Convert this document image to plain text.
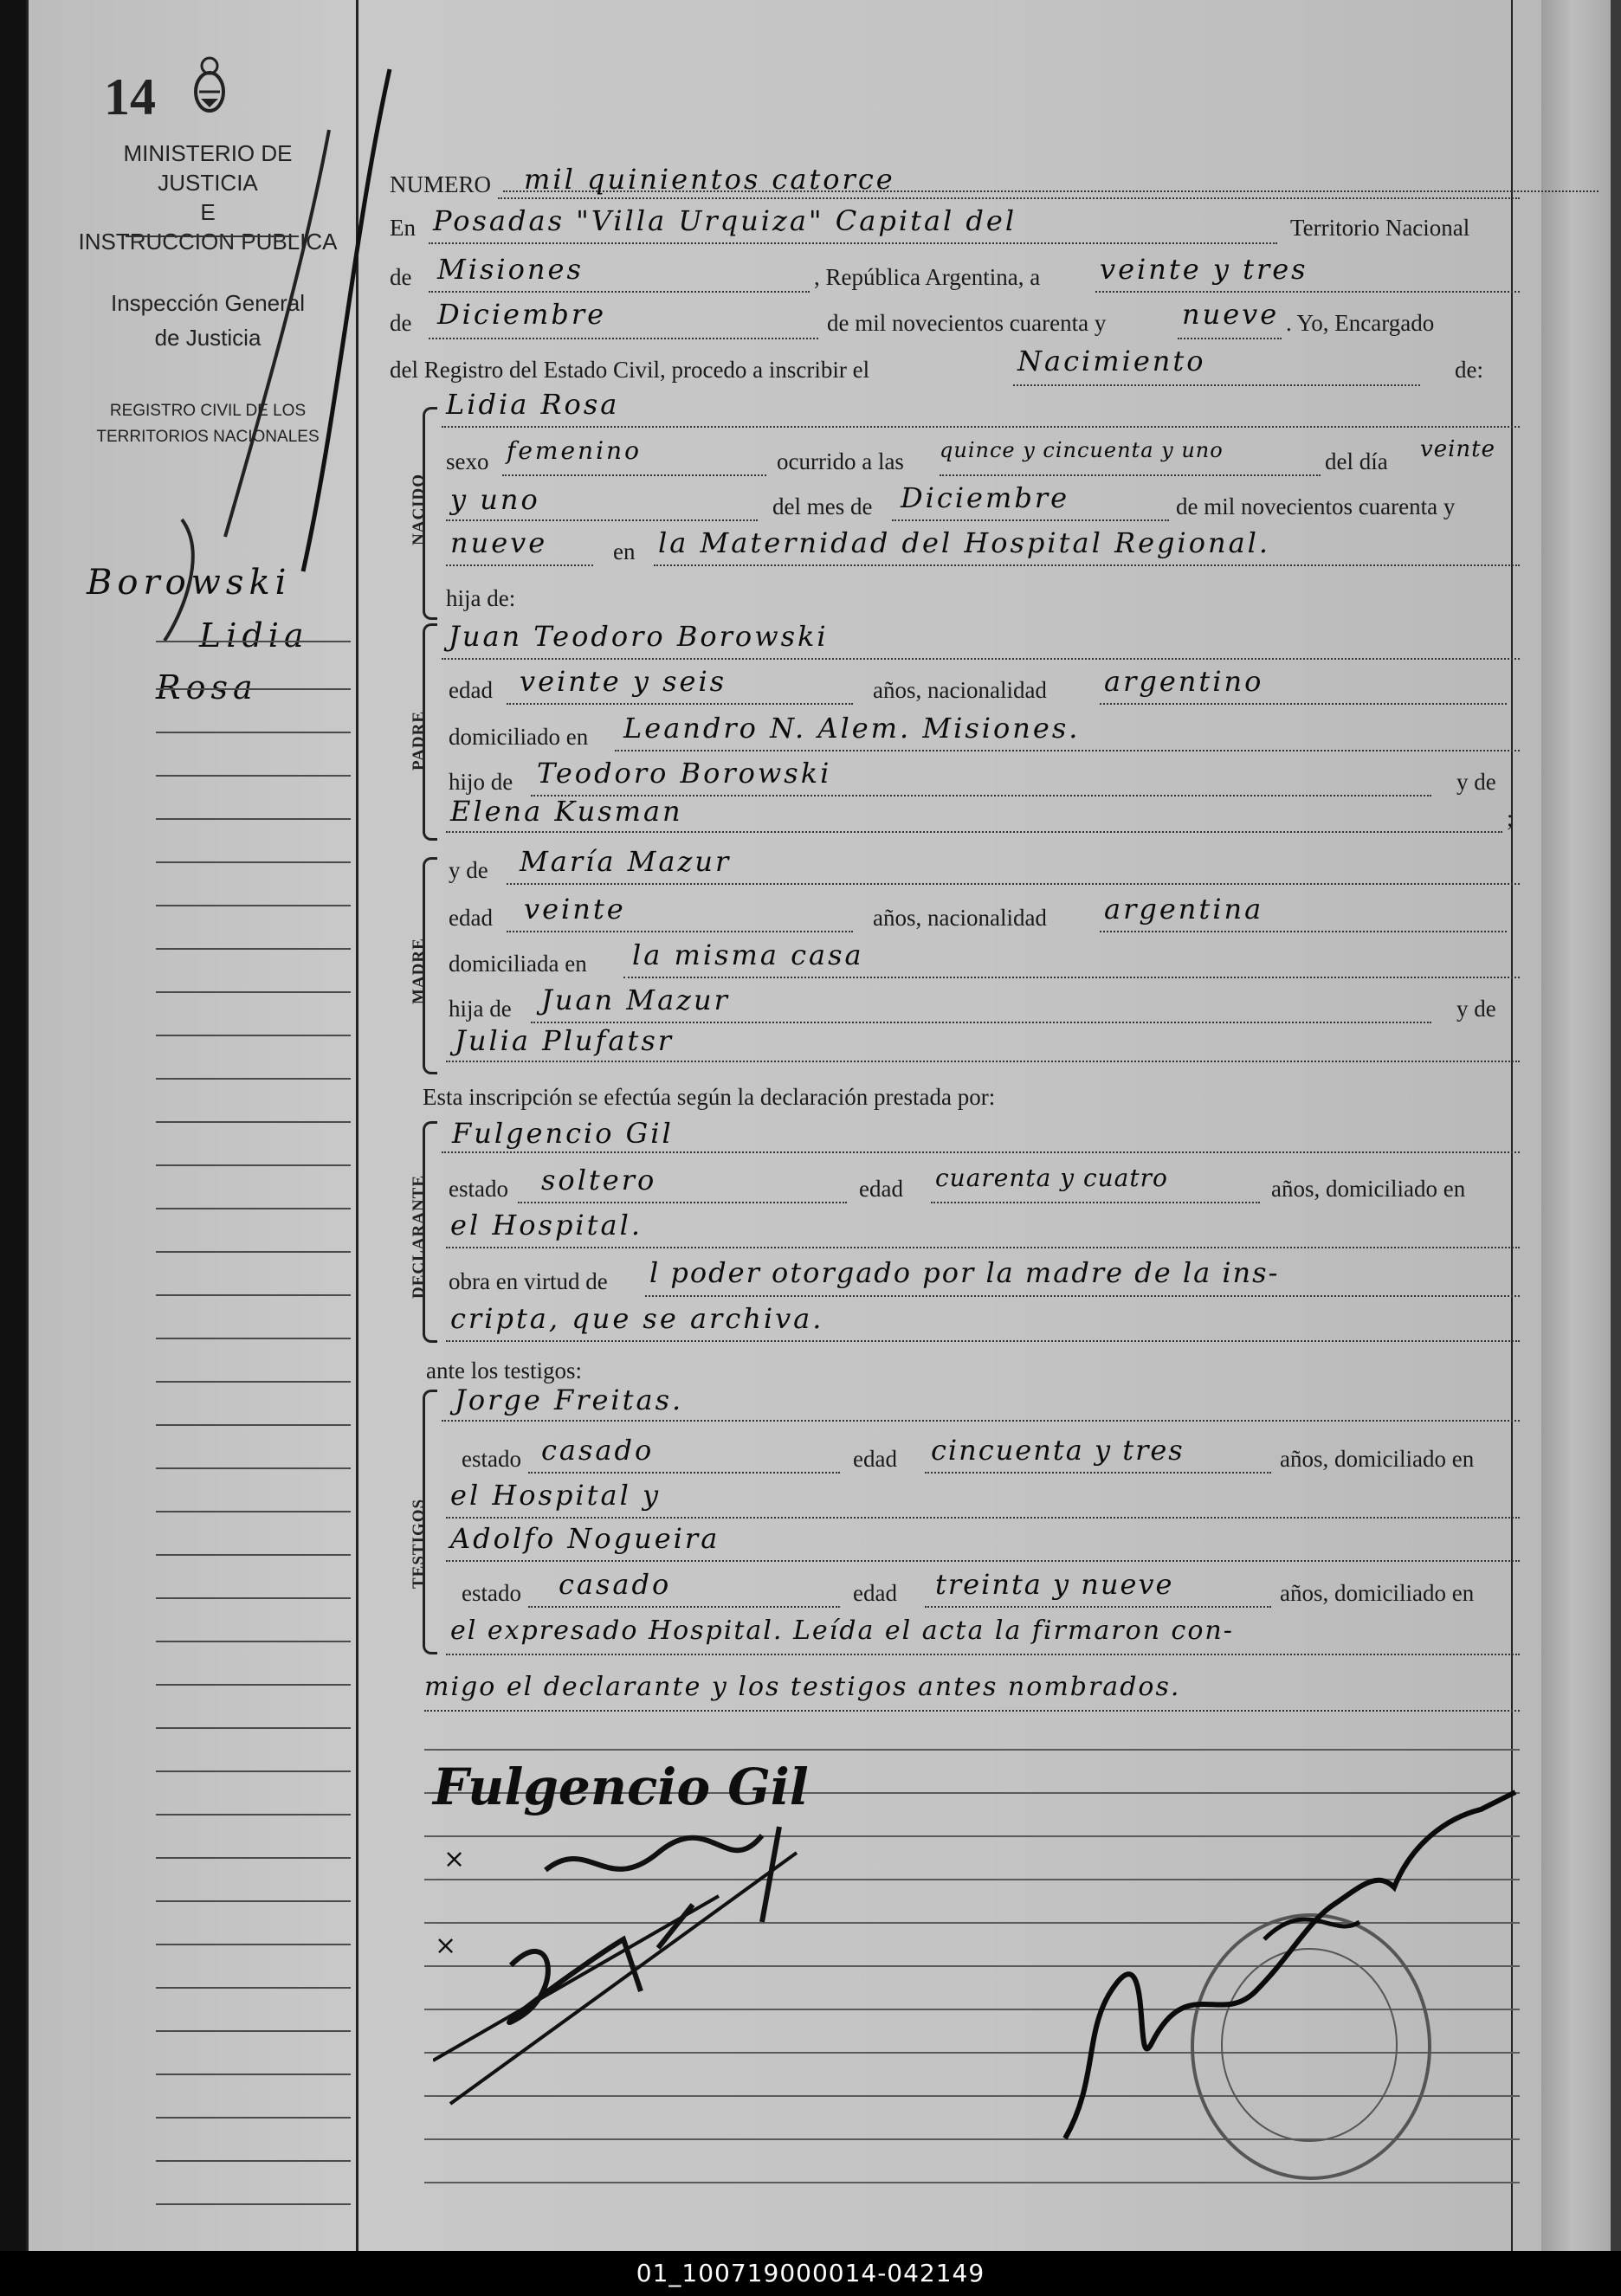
14
MINISTERIO DE JUSTICIA
E
INSTRUCCION PUBLICA
Inspección General
de Justicia
REGISTRO CIVIL DE LOS
TERRITORIOS NACIONALES
Borowski
Lidia
Rosa
NUMERO mil quinientos catorce
En Posadas "Villa Urquiza" Capital del	Territorio Nacional
de Misiones	, República Argentina, a veinte y tres
de Diciembre	de mil novecientos cuarenta y	nueve . Yo, Encargado
del Registro del Estado Civil, procedo a inscribir el	Nacimiento	de:
NACIDO
Lidia Rosa
sexo femenino	ocurrido a las quince y cincuenta y uno	del día veinte
y uno	del mes de Diciembre	de mil novecientos cuarenta y
nueve	en la Maternidad del Hospital Regional.
hija de:
PADRE
Juan Teodoro Borowski
edad veinte y seis	años, nacionalidad argentino
domiciliado en Leandro N. Alem. Misiones.
hijo de Teodoro Borowski	y de
Elena Kusman	;
MADRE
y de María Mazur
edad veinte	años, nacionalidad argentina
domiciliada en la misma casa
hija de Juan Mazur	y de
Julia Plufatsr
Esta inscripción se efectúa según la declaración prestada por:
DECLARANTE
Fulgencio Gil
estado soltero	edad cuarenta y cuatro	años, domiciliado en
el Hospital.
obra en virtud de l poder otorgado por la madre de la ins-
cripta, que se archiva.
ante los testigos:
TESTIGOS
Jorge Freitas.
estado casado	edad cincuenta y tres	años, domiciliado en
el Hospital y
Adolfo Nogueira
estado casado	edad treinta y nueve	años, domiciliado en
el expresado Hospital. Leída el acta la firmaron con-
migo el declarante y los testigos antes nombrados.
Fulgencio Gil
×
×
01_100719000014-042149
